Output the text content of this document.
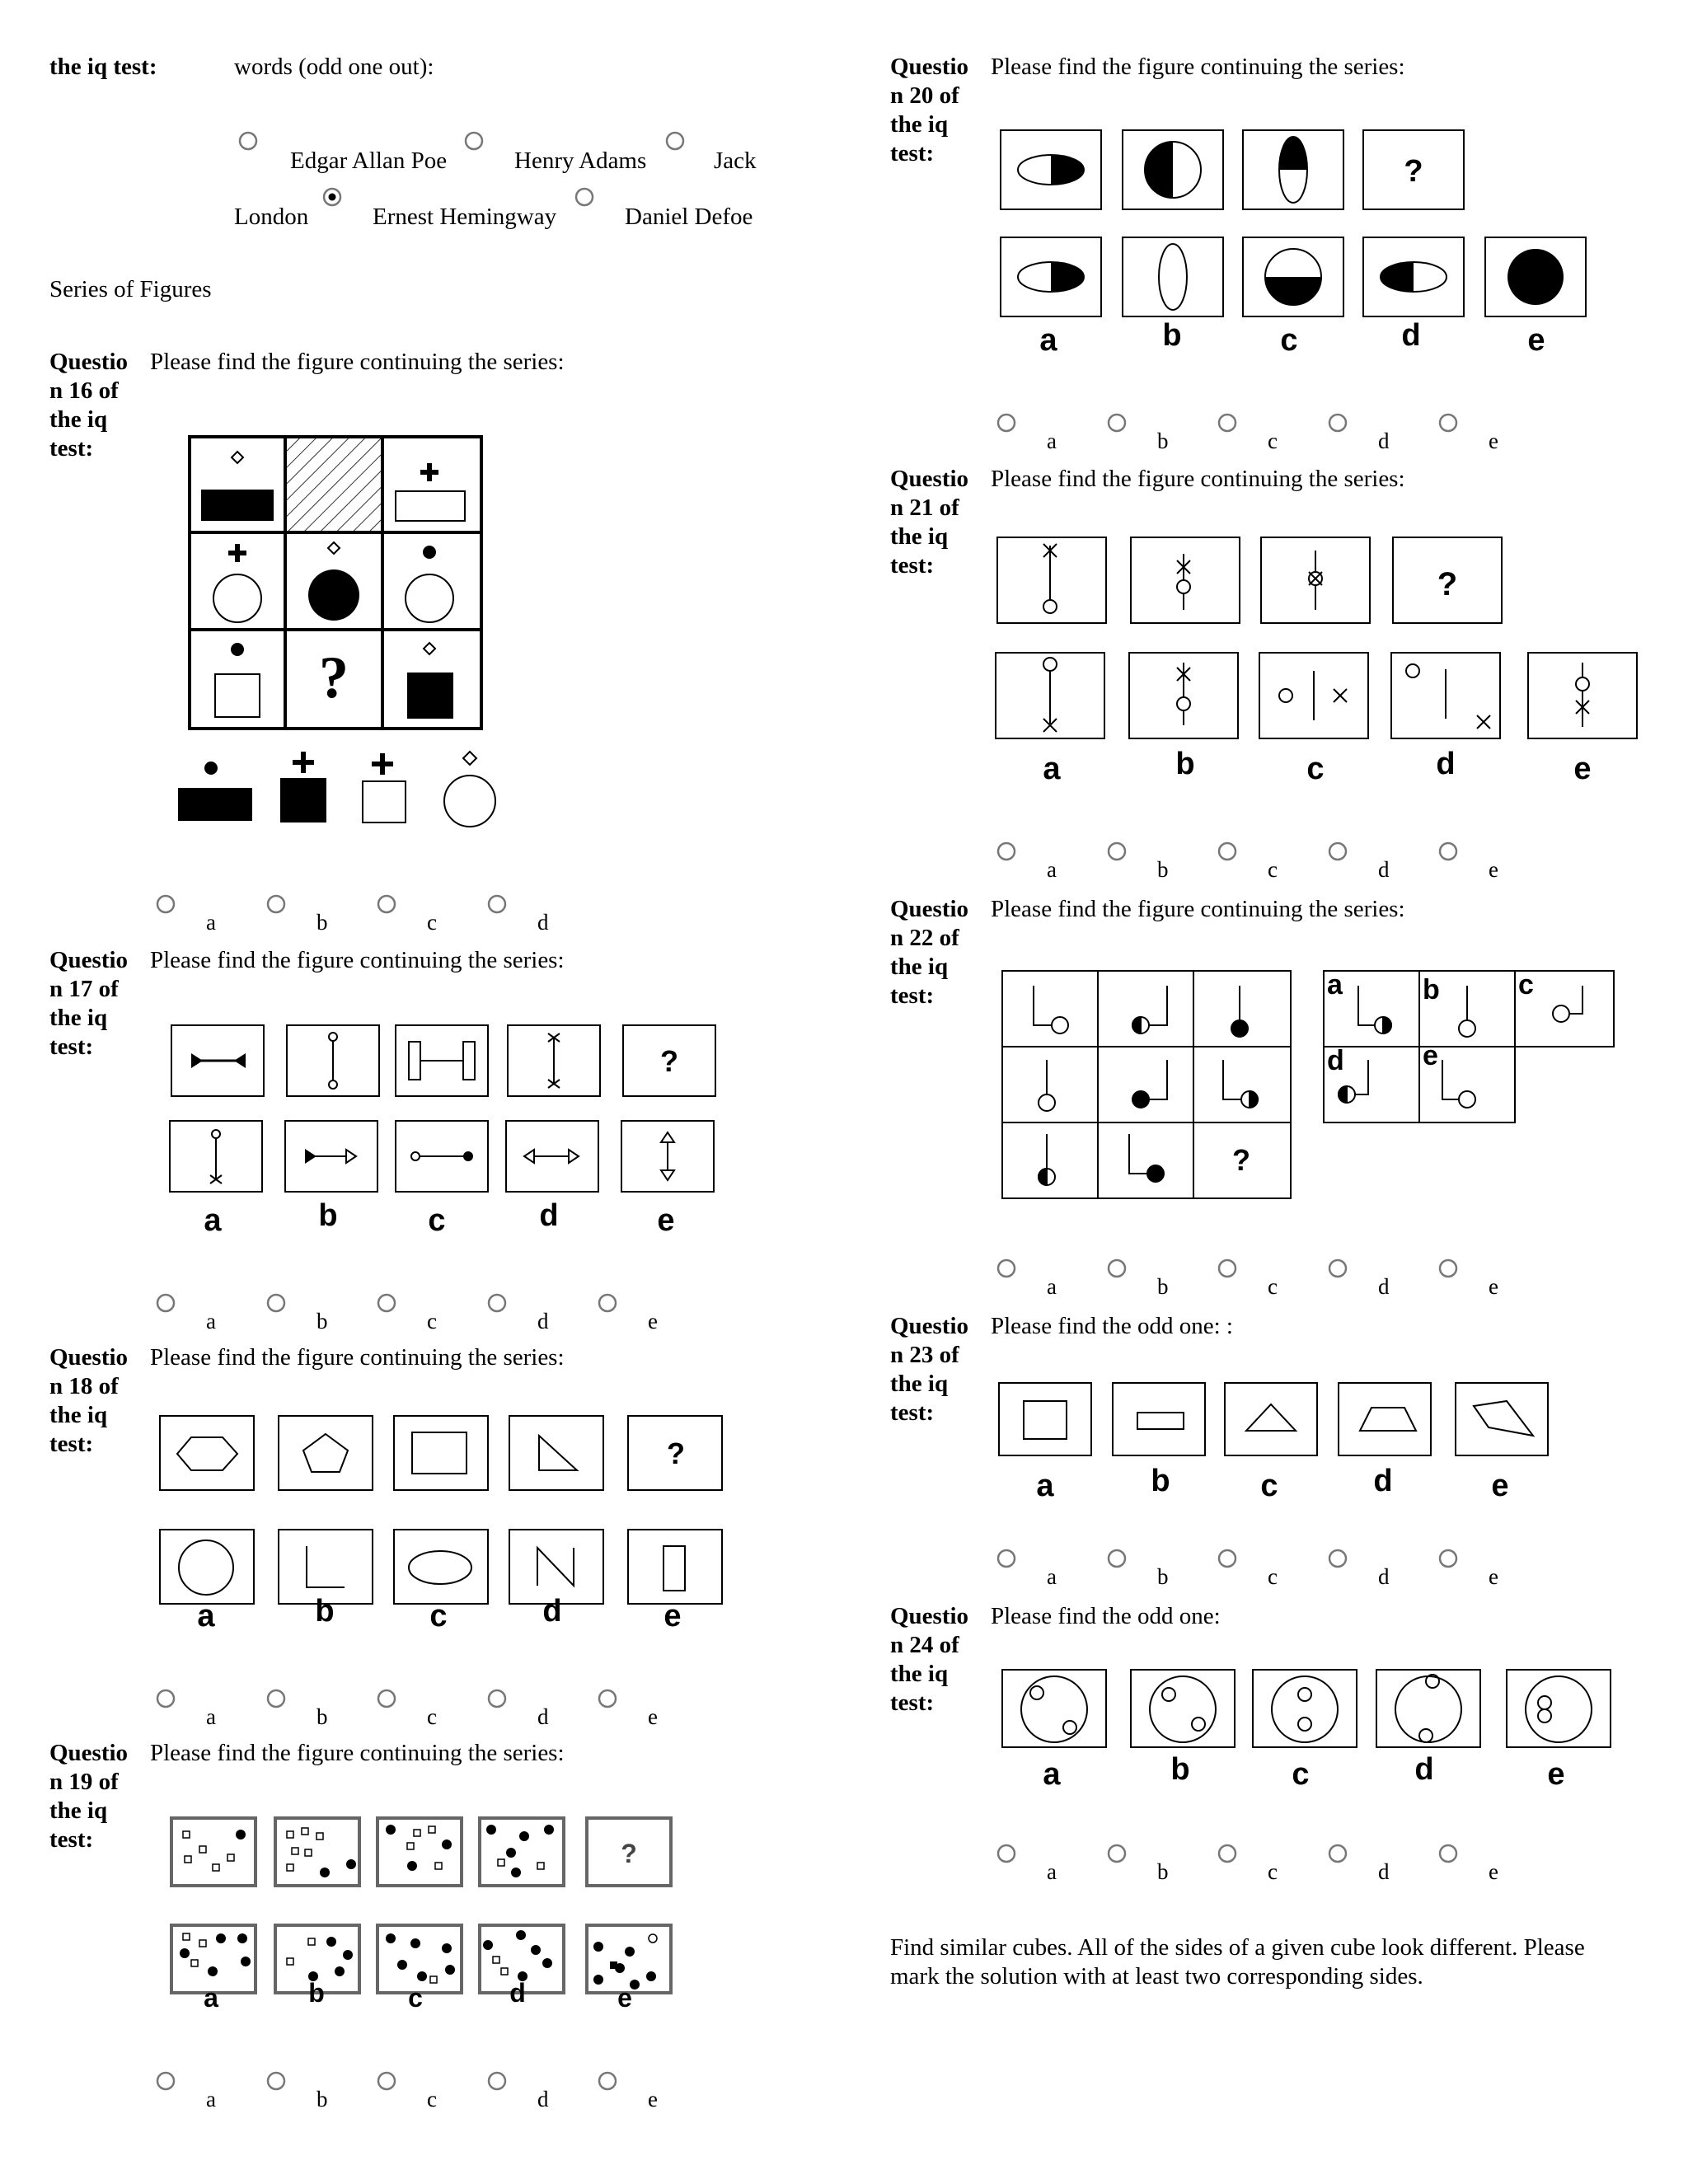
the iq test:	words (odd one out):
Edgar Allan Poe	Henry Adams	Jack
London	Ernest Hemingway	Daniel Defoe
Series of Figures
Questio
n 16 of
the iq
test:
Please find the figure continuing the series:
Questio
n 17 of
the iq
test:
Please find the figure continuing the series:
Questio
n 18 of
the iq
test:
Please find the figure continuing the series:
Questio
n 19 of
the iq
test:
Please find the figure continuing the series:
Questio
n 20 of
the iq
test:
Please find the figure continuing the series:
Questio
n 21 of
the iq
test:
Please find the figure continuing the series:
Questio
n 22 of
the iq
test:
Please find the figure continuing the series:
Questio
n 23 of
the iq
test:
Please find the odd one: :
Questio
n 24 of
the iq
test:
Please find the odd one:
Find similar cubes. All of the sides of a given cube look different. Please
mark the solution with at least two corresponding sides.
?
?
?
?
?
?
?
a	b	c
d	e
a	b	c	d	e
a	b	c	d	e
a	b	c	d	e
a	b	c	d	e
a	b	c	d	e
a	b	c	d	e
a	b	c	d	e
a	b	c	d
a	b	c	d	e
a	b	c	d	e
a	b	c	d	e
a	b	c	d	e
a	b	c	d	e
a	b	c	d	e
a	b	c	d	e
a	b	c	d	e
